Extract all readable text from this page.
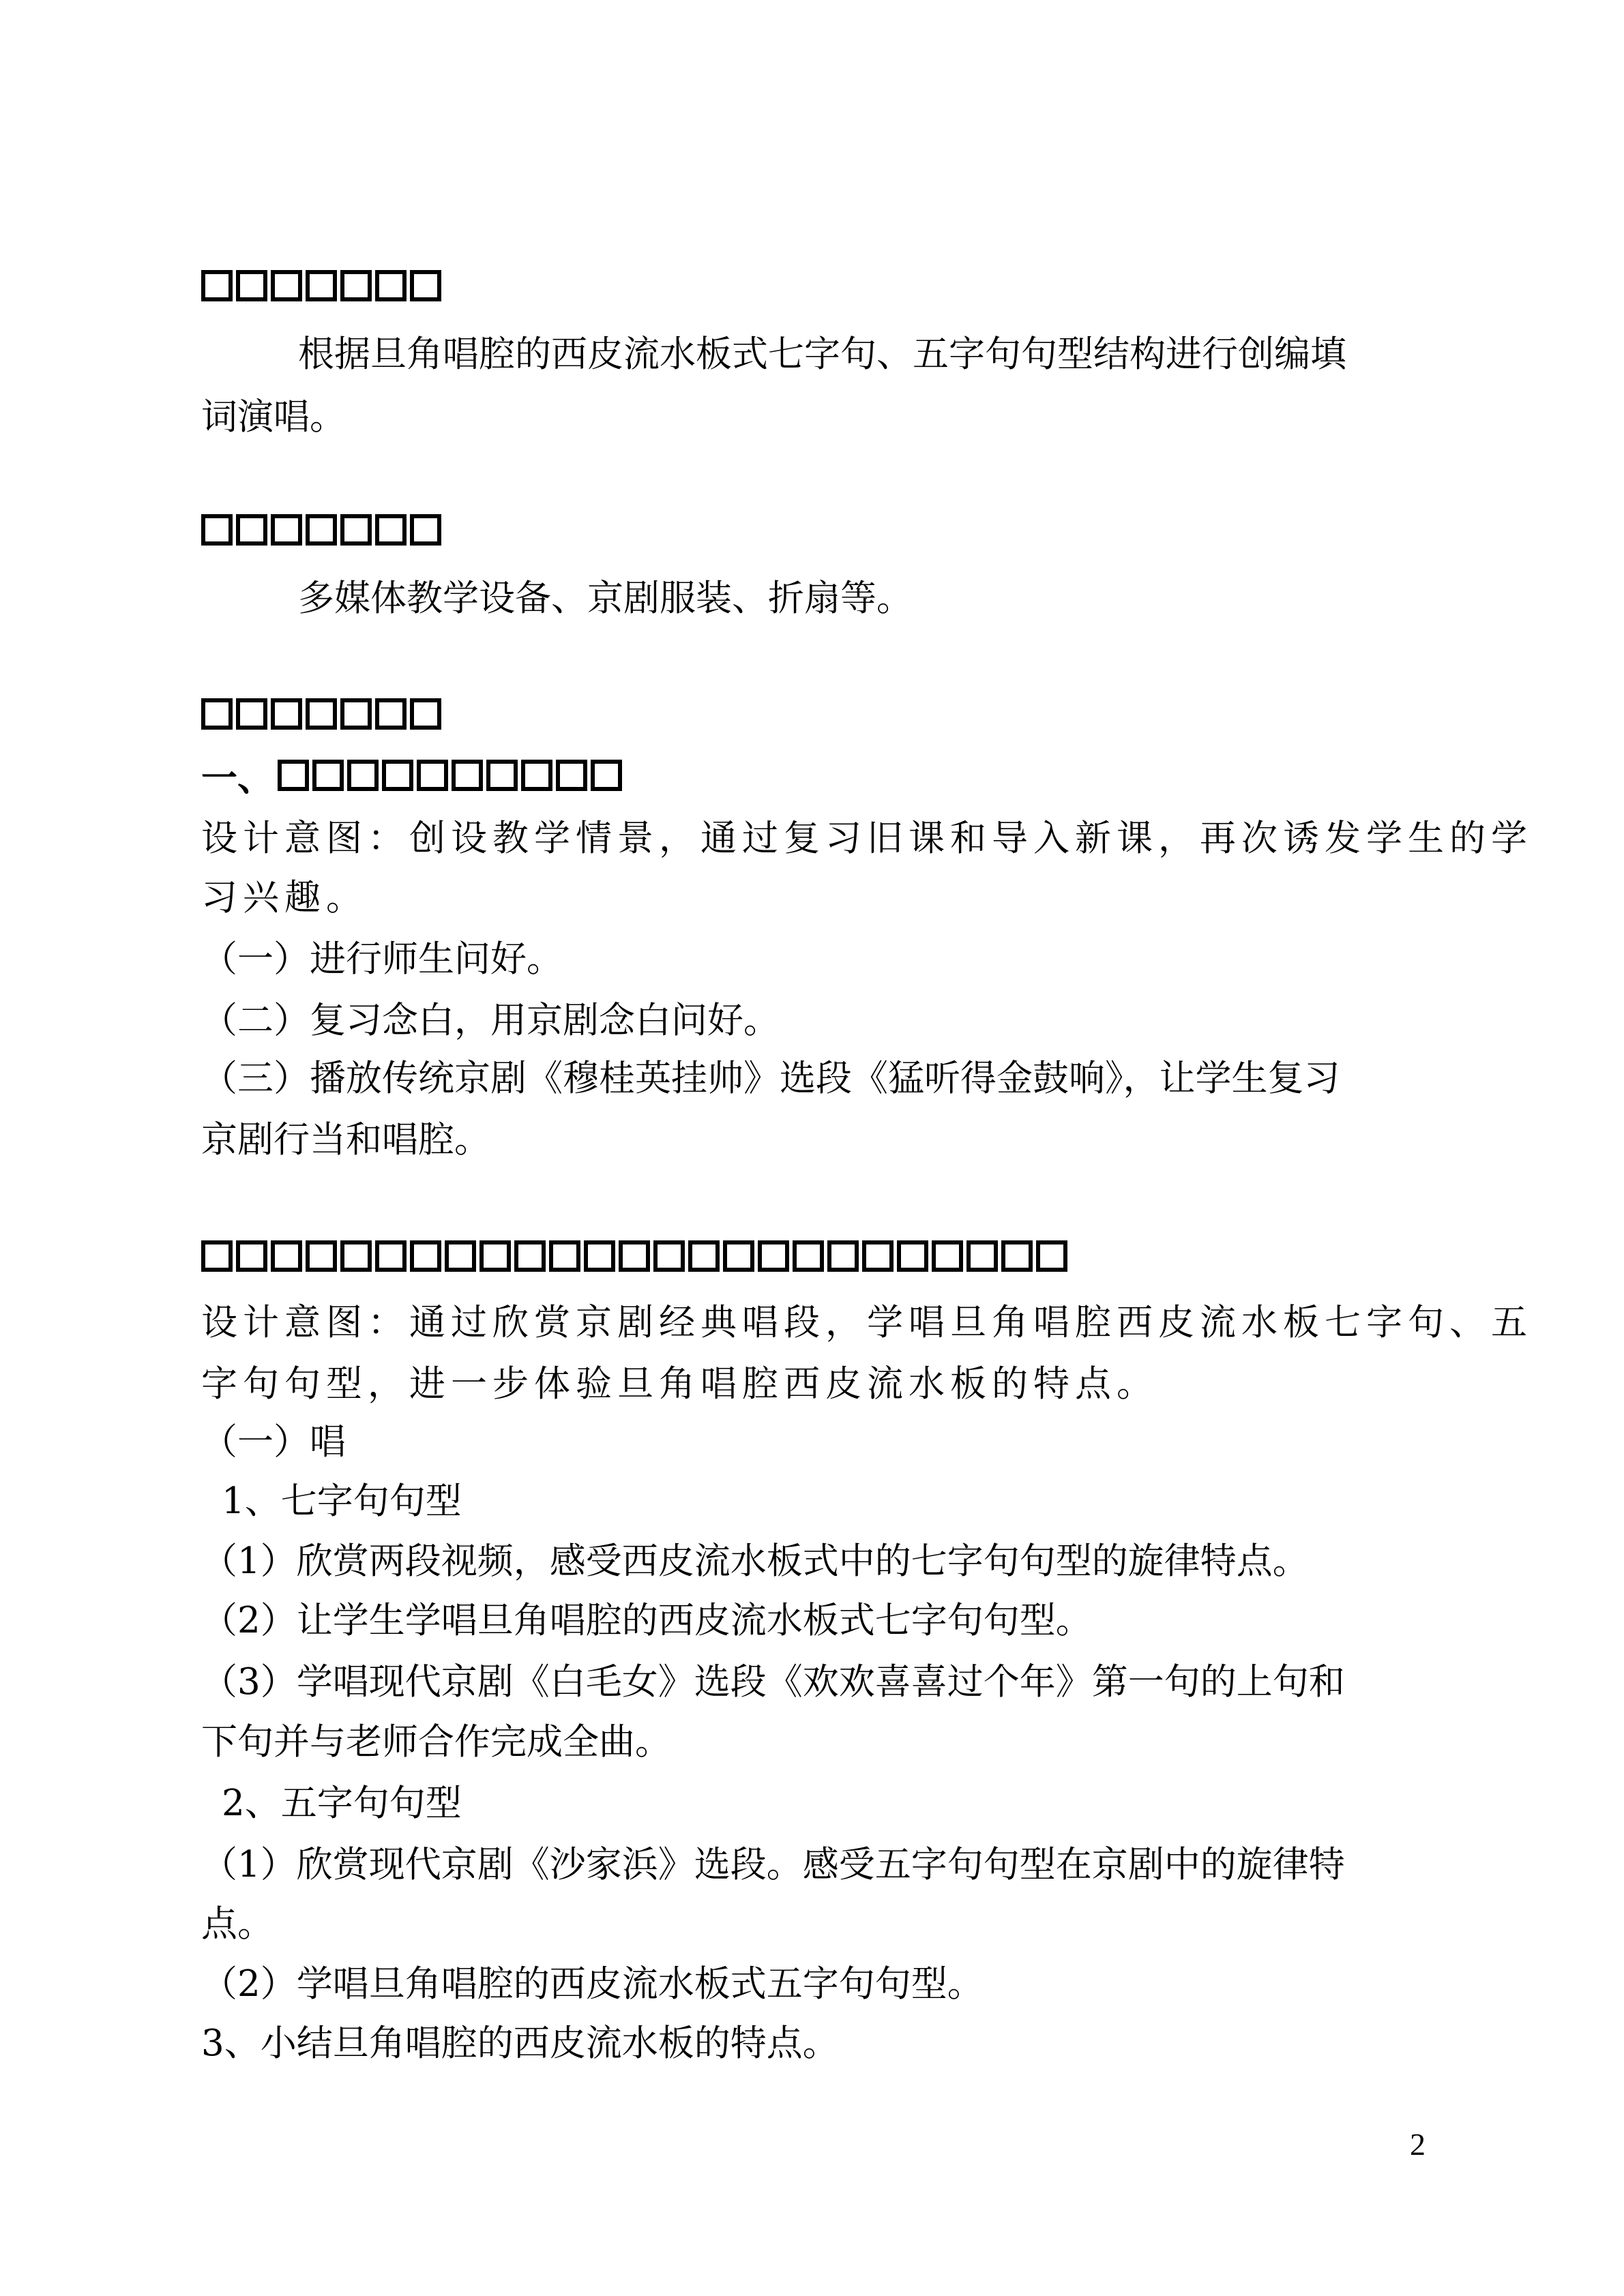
根据旦角唱腔的西皮流水板式七字句、五字句句型结构进行创编填
词演唱。
多媒体教学设备、京剧服装、折扇等。
一、
设计意图：创设教学情景，通过复习旧课和导入新课，再次诱发学生的学
习兴趣。
（一）进行师生问好。
（二）复习念白，用京剧念白问好。
（三）播放传统京剧《穆桂英挂帅》选段《猛听得金鼓响》，让学生复习
京剧行当和唱腔。
设计意图：通过欣赏京剧经典唱段，学唱旦角唱腔西皮流水板七字句、五
字句句型，进一步体验旦角唱腔西皮流水板的特点。
（一）唱
1、七字句句型
（1）欣赏两段视频，感受西皮流水板式中的七字句句型的旋律特点。
（2）让学生学唱旦角唱腔的西皮流水板式七字句句型。
（3）学唱现代京剧《白毛女》选段《欢欢喜喜过个年》第一句的上句和
下句并与老师合作完成全曲。
2、五字句句型
（1）欣赏现代京剧《沙家浜》选段。感受五字句句型在京剧中的旋律特
点。
（2）学唱旦角唱腔的西皮流水板式五字句句型。
3、小结旦角唱腔的西皮流水板的特点。
2
